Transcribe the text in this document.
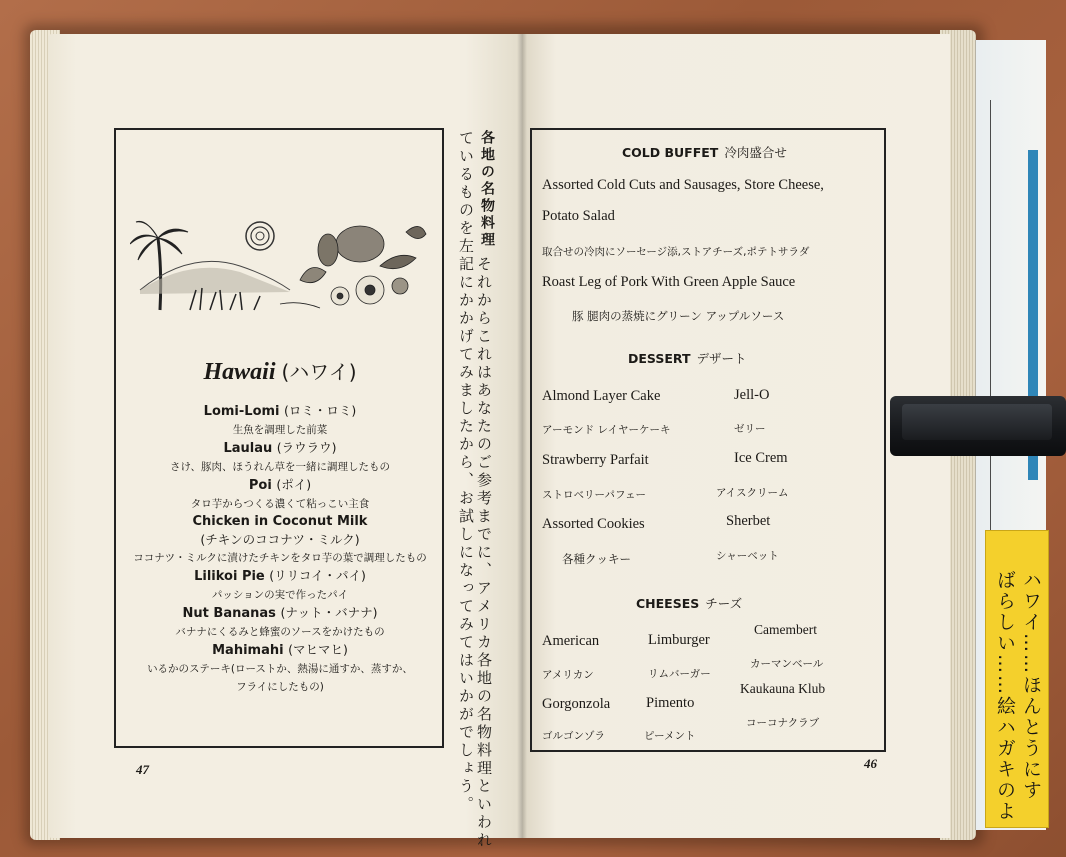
Hawaii (ハワイ)
Lomi-Lomi (ロミ・ロミ)
生魚を調理した前菜
Laulau (ラウラウ)
さけ、豚肉、ほうれん草を一緒に調理したもの
Poi (ポイ)
タロ芋からつくる濃くて粘っこい主食
Chicken in Coconut Milk
(チキンのココナツ・ミルク)
ココナツ・ミルクに漬けたチキンをタロ芋の葉で調理したもの
Lilikoi Pie (リリコイ・パイ)
パッションの実で作ったパイ
Nut Bananas (ナット・バナナ)
バナナにくるみと蜂蜜のソースをかけたもの
Mahimahi (マヒマヒ)
いるかのステーキ(ローストか、熱湯に通すか、蒸すか、
フライにしたもの)
各地の名物料理
それからこれはあなたのご参考までに、アメリカ各地の名物料理といわれ
ているものを左記にかかげてみましたから、お試しになってみてはいかがでしょう。
47
COLD BUFFET 冷肉盛合せ
Assorted Cold Cuts and Sausages, Store Cheese,
Potato Salad
取合せの冷肉にソーセージ添,ストアチーズ,ポテトサラダ
Roast Leg of Pork With Green Apple Sauce
豚 腿肉の蒸焼にグリーン アップルソース
DESSERT デザート
Almond Layer Cake
アーモンド レイヤーケーキ
Jell-O
ゼリー
Strawberry Parfait
ストロベリーパフェー
Ice Crem
アイスクリーム
Assorted Cookies
各種クッキー
Sherbet
シャーベット
CHEESES チーズ
American
アメリカン
Limburger
リムバーガー
Camembert
カーマンベール
Gorgonzola
ゴルゴンゾラ
Pimento
ピーメント
Kaukauna Klub
コーコナクラブ
46	ハワイ……ほんとうにす
ばらしい……絵ハガキのよ
